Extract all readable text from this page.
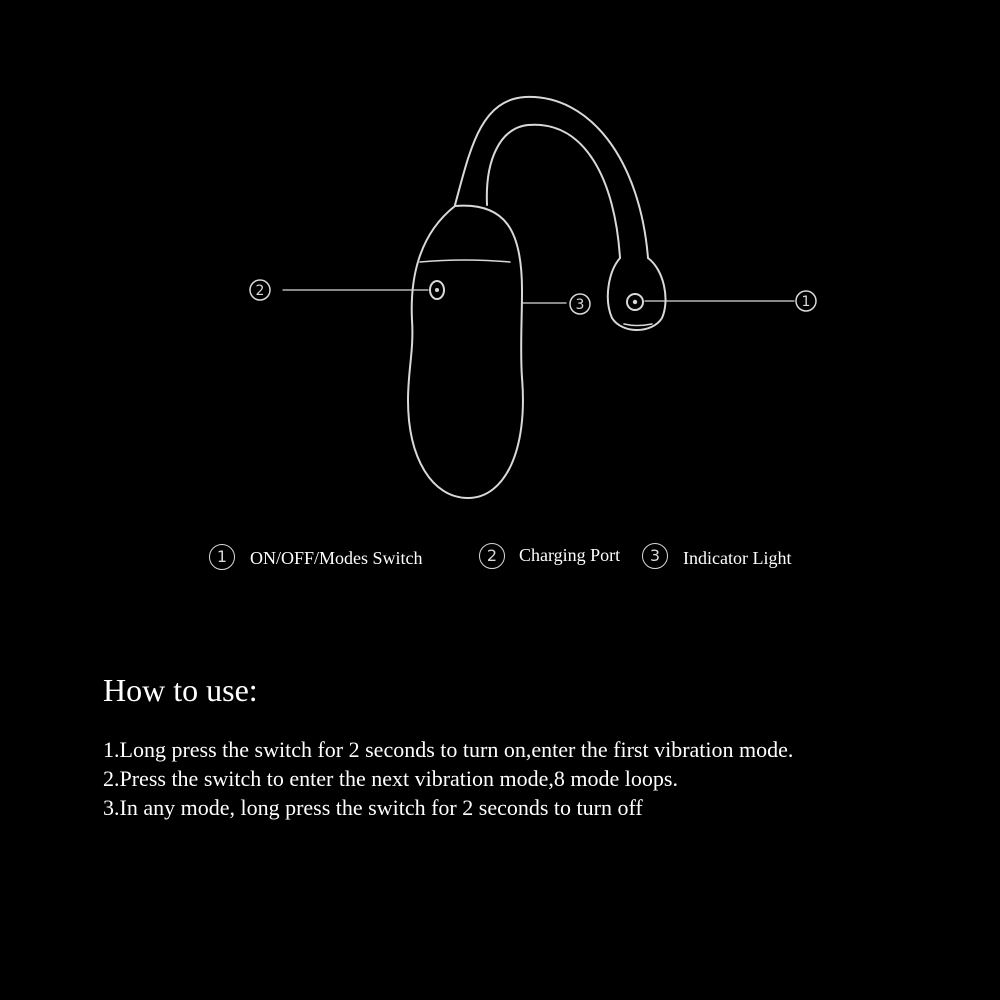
2
3	1
1	ON/OFF/Modes Switch	2	Charging Port	3	Indicator Light
How to use:
1.Long press the switch for 2 seconds to turn on,enter the first vibration mode.
2.Press the switch to enter the next vibration mode,8 mode loops.
3.In any mode, long press the switch for 2 seconds to turn off
